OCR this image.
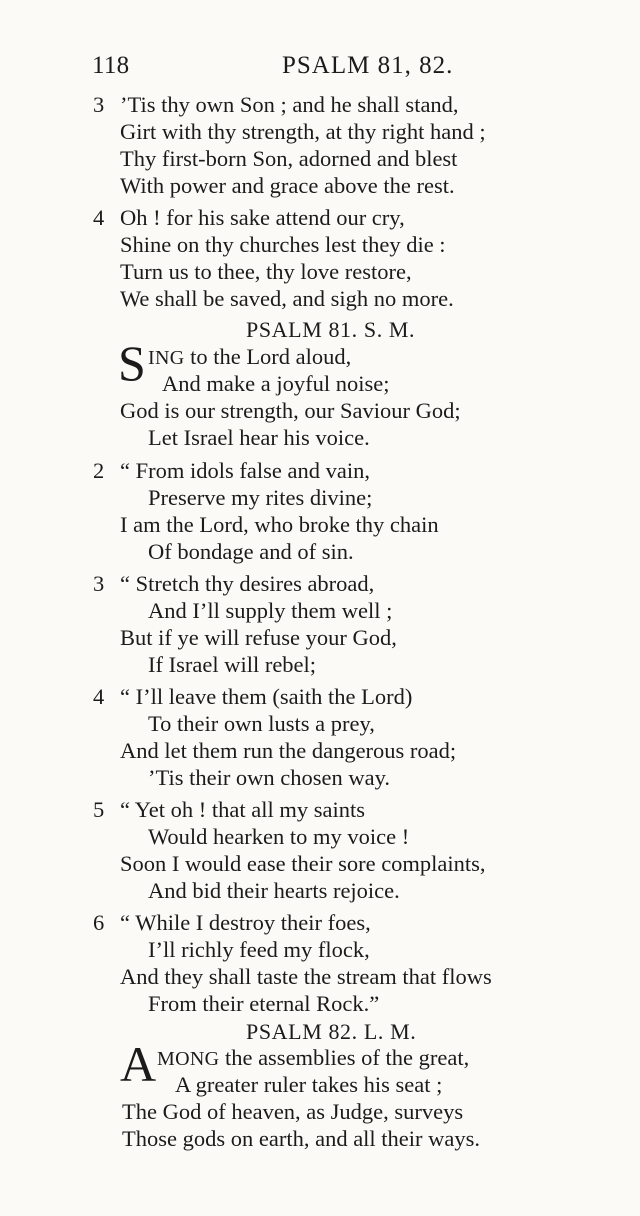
118	PSALM 81, 82.
3 ’Tis thy own Son ; and he shall stand,
Girt with thy strength, at thy right hand ;
Thy first-born Son, adorned and blest
With power and grace above the rest.
4 Oh ! for his sake attend our cry,
Shine on thy churches lest they die :
Turn us to thee, thy love restore,
We shall be saved, and sigh no more.
PSALM 81. S. M.
S ING to the Lord aloud,
And make a joyful noise;
God is our strength, our Saviour God;
Let Israel hear his voice.
2 “ From idols false and vain,
Preserve my rites divine;
I am the Lord, who broke thy chain
Of bondage and of sin.
3 “ Stretch thy desires abroad,
And I’ll supply them well ;
But if ye will refuse your God,
If Israel will rebel;
4 “ I’ll leave them (saith the Lord)
To their own lusts a prey,
And let them run the dangerous road;
’Tis their own chosen way.
5 “ Yet oh ! that all my saints
Would hearken to my voice !
Soon I would ease their sore complaints,
And bid their hearts rejoice.
6 “ While I destroy their foes,
I’ll richly feed my flock,
And they shall taste the stream that flows
From their eternal Rock.”
PSALM 82. L. M.
A MONG the assemblies of the great,
A greater ruler takes his seat ;
The God of heaven, as Judge, surveys
Those gods on earth, and all their ways.
